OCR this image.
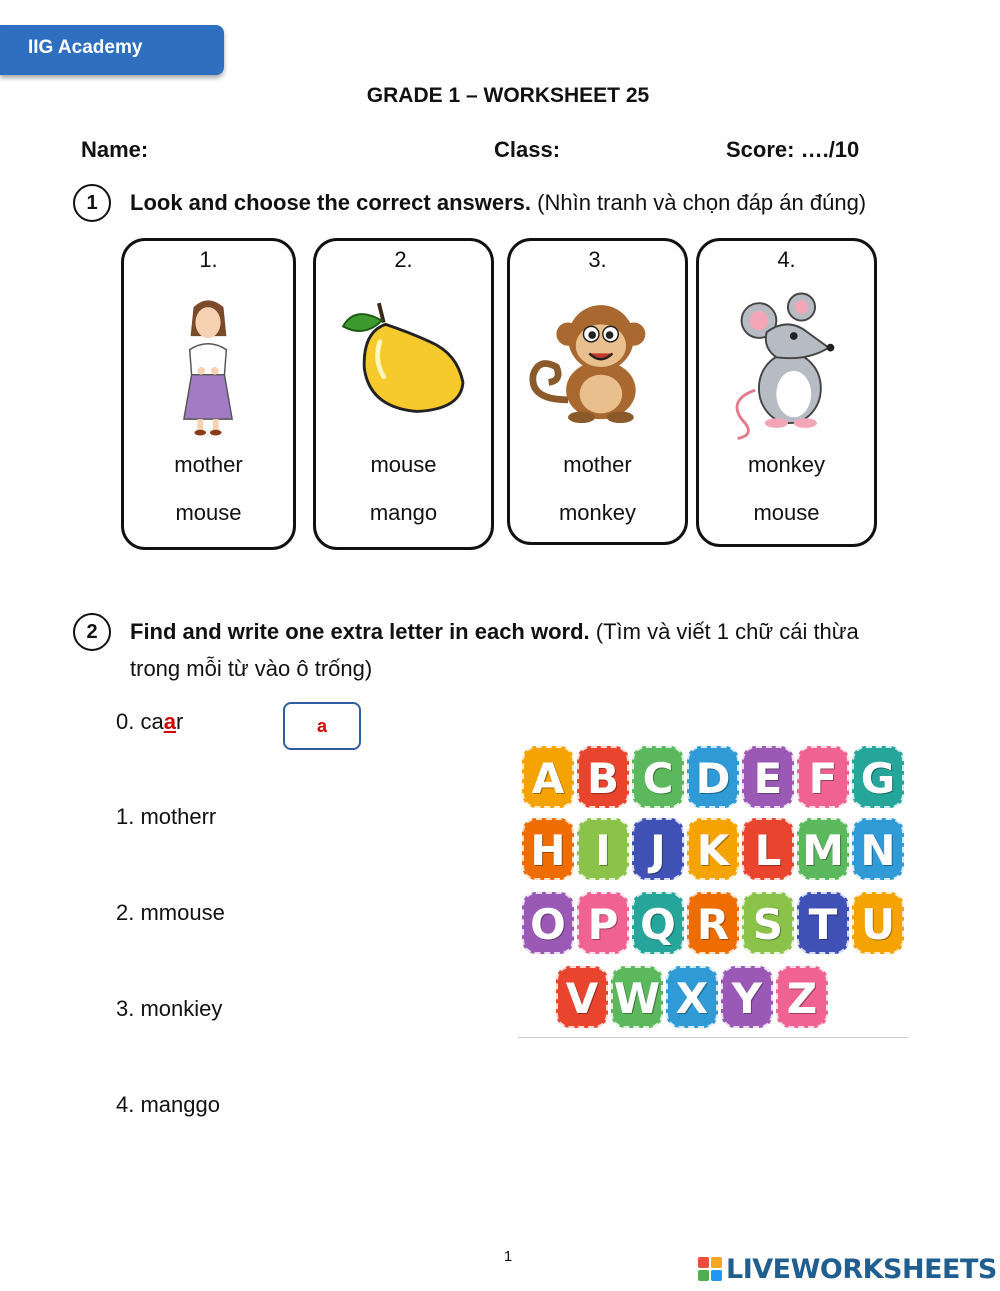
IIG Academy
GRADE 1 – WORKSHEET 25
Name:	Class:	Score: …./10
1	Look and choose the correct answers. (Nhìn tranh và chọn đáp án đúng)
1.
mother
mouse
2.
mouse
mango
3.
mother
monkey
4.
monkey
mouse
2	Find and write one extra letter in each word. (Tìm và viết 1 chữ cái thừa
trong mỗi từ vào ô trống)
0. caar	a
1. motherr
2. mmouse
3. monkiey
4. manggo
A B C D E F G
H I J K L M N
O P Q R S T U
V W X Y Z
1	LIVEWORKSHEETS
